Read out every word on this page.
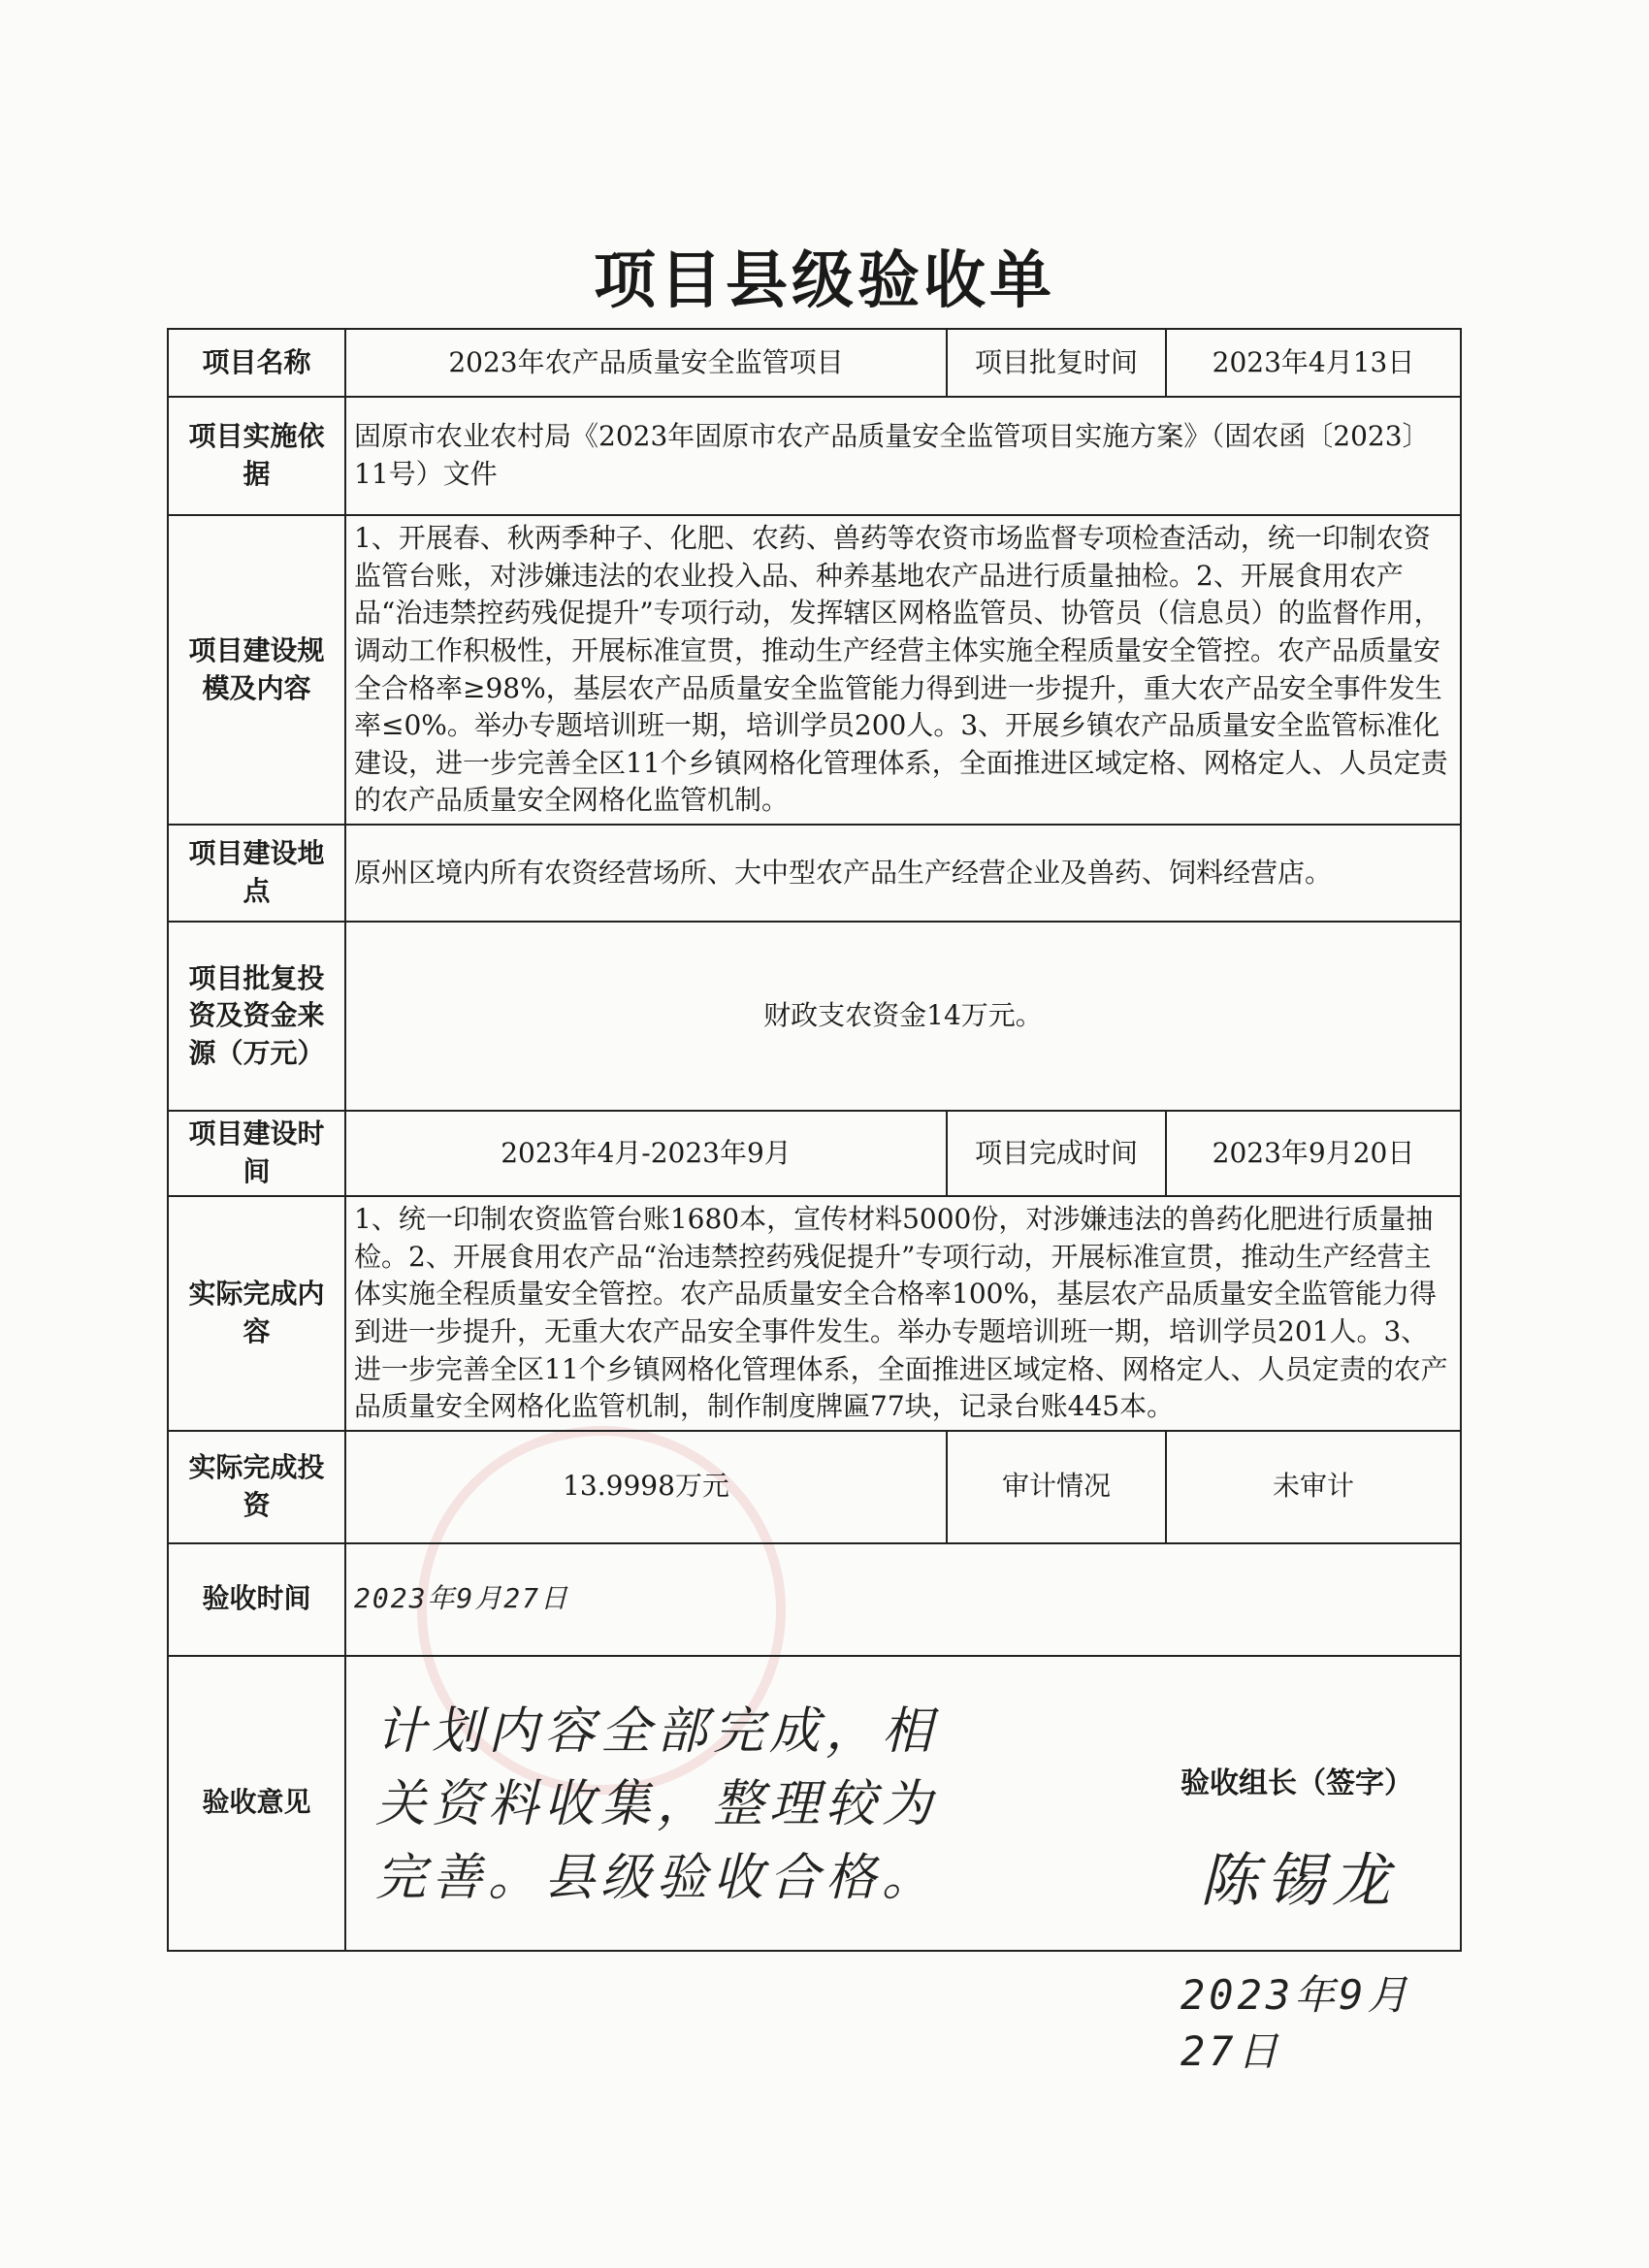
项目县级验收单
项目名称	2023年农产品质量安全监管项目	项目批复时间	2023年4月13日
项目实施依据	固原市农业农村局《2023年固原市农产品质量安全监管项目实施方案》（固农函〔2023〕11号）文件		
项目建设规模及内容	1、开展春、秋两季种子、化肥、农药、兽药等农资市场监督专项检查活动，统一印制农资监管台账，对涉嫌违法的农业投入品、种养基地农产品进行质量抽检。2、开展食用农产品“治违禁控药残促提升”专项行动，发挥辖区网格监管员、协管员（信息员）的监督作用，调动工作积极性，开展标准宣贯，推动生产经营主体实施全程质量安全管控。农产品质量安全合格率≥98%，基层农产品质量安全监管能力得到进一步提升，重大农产品安全事件发生率≤0%。举办专题培训班一期，培训学员200人。3、开展乡镇农产品质量安全监管标准化建设，进一步完善全区11个乡镇网格化管理体系，全面推进区域定格、网格定人、人员定责的农产品质量安全网格化监管机制。		
项目建设地点	原州区境内所有农资经营场所、大中型农产品生产经营企业及兽药、饲料经营店。		
项目批复投资及资金来源（万元）	财政支农资金14万元。		
项目建设时间	2023年4月-2023年9月	项目完成时间	2023年9月20日
实际完成内容	1、统一印制农资监管台账1680本，宣传材料5000份，对涉嫌违法的兽药化肥进行质量抽检。2、开展食用农产品“治违禁控药残促提升”专项行动，开展标准宣贯，推动生产经营主体实施全程质量安全管控。农产品质量安全合格率100%，基层农产品质量安全监管能力得到进一步提升，无重大农产品安全事件发生。举办专题培训班一期，培训学员201人。3、进一步完善全区11个乡镇网格化管理体系，全面推进区域定格、网格定人、人员定责的农产品质量安全网格化监管机制，制作制度牌匾77块，记录台账445本。		
实际完成投资	13.9998万元	审计情况	未审计
验收时间	2023年9月27日		
验收意见	计划内容全部完成，相关资料收集，整理较为完善。县级验收合格。
验收组长（签字）
陈锡龙
2023年9月27日		
